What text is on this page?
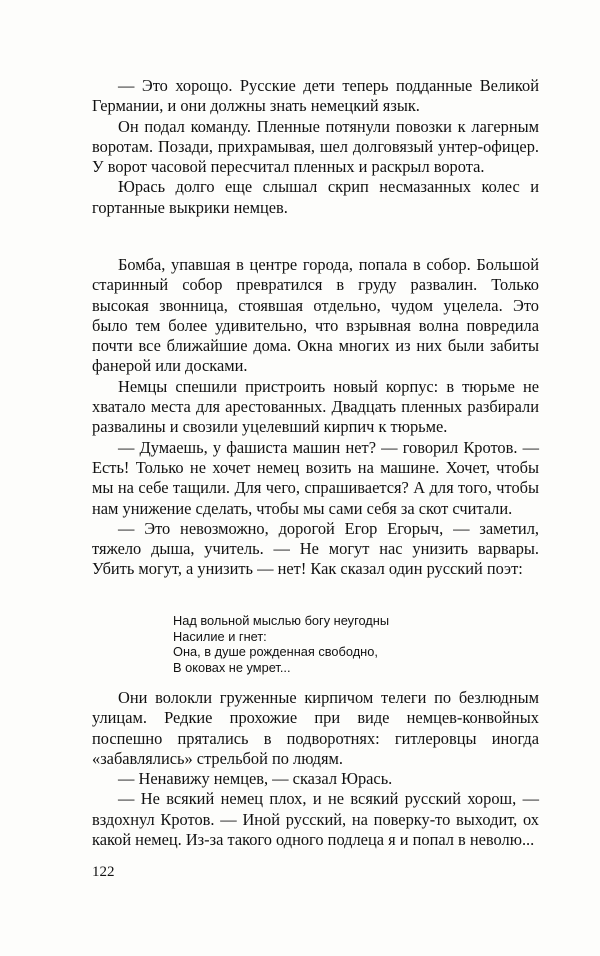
— Это хорощо. Русские дети теперь подданные Великой Германии, и они должны знать немецкий язык.

Он подал команду. Пленные потянули повозки к лагерным воротам. Позади, прихрамывая, шел долговязый унтер-офицер. У ворот часовой пересчитал пленных и раскрыл ворота.

Юрась долго еще слышал скрип несмазанных колес и гортанные выкрики немцев.

Бомба, упавшая в центре города, попала в собор. Большой старинный собор превратился в груду развалин. Только высокая звонница, стоявшая отдельно, чудом уцелела. Это было тем более удивительно, что взрывная волна повредила почти все ближайшие дома. Окна многих из них были забиты фанерой или досками.

Немцы спешили пристроить новый корпус: в тюрьме не хватало места для арестованных. Двадцать пленных разбирали развалины и свозили уцелевший кирпич к тюрьме.

— Думаешь, у фашиста машин нет? — говорил Кротов. — Есть! Только не хочет немец возить на машине. Хочет, чтобы мы на себе тащили. Для чего, спрашивается? А для того, чтобы нам унижение сделать, чтобы мы сами себя за скот считали.

— Это невозможно, дорогой Егор Егорыч, — заметил, тяжело дыша, учитель. — Не могут нас унизить варвары. Убить могут, а унизить — нет! Как сказал один русский поэт:

Над вольной мыслью богу неугодны
Насилие и гнет:
Она, в душе рожденная свободно,
В оковах не умрет...

Они волокли груженные кирпичом телеги по безлюдным улицам. Редкие прохожие при виде немцев-конвойных поспешно прятались в подворотнях: гитлеровцы иногда «забавлялись» стрельбой по людям.

— Ненавижу немцев, — сказал Юрась.

— Не всякий немец плох, и не всякий русский хорош, — вздохнул Кротов. — Иной русский, на поверку-то выходит, ох какой немец. Из-за такого одного подлеца я и попал в неволю...

122
